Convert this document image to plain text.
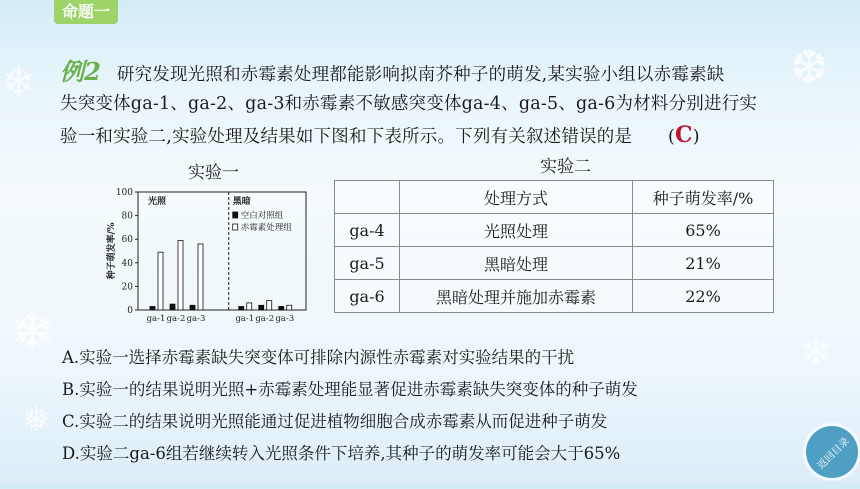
❄
❄
❅
❆
❄
命题一
例2 研究发现光照和赤霉素处理都能影响拟南芥种子的萌发,某实验小组以赤霉素缺
失突变体ga-1、ga-2、ga-3和赤霉素不敏感突变体ga-4、ga-5、ga-6为材料分别进行实
验一和实验二,实验处理及结果如下图和下表所示。下列有关叙述错误的是 (C)
实验一	实验二
0
20
40
60
80
100
种子萌发率/%
光照	黑暗
空白对照组
赤霉素处理组
ga-1 ga-2 ga-3	ga-1 ga-2 ga-3
	处理方式	种子萌发率/%
ga-4	光照处理	65%
ga-5	黑暗处理	21%
ga-6	黑暗处理并施加赤霉素	22%
A.实验一选择赤霉素缺失突变体可排除内源性赤霉素对实验结果的干扰
B.实验一的结果说明光照+赤霉素处理能显著促进赤霉素缺失突变体的种子萌发
C.实验二的结果说明光照能通过促进植物细胞合成赤霉素从而促进种子萌发
D.实验二ga-6组若继续转入光照条件下培养,其种子的萌发率可能会大于65%	返回目录
